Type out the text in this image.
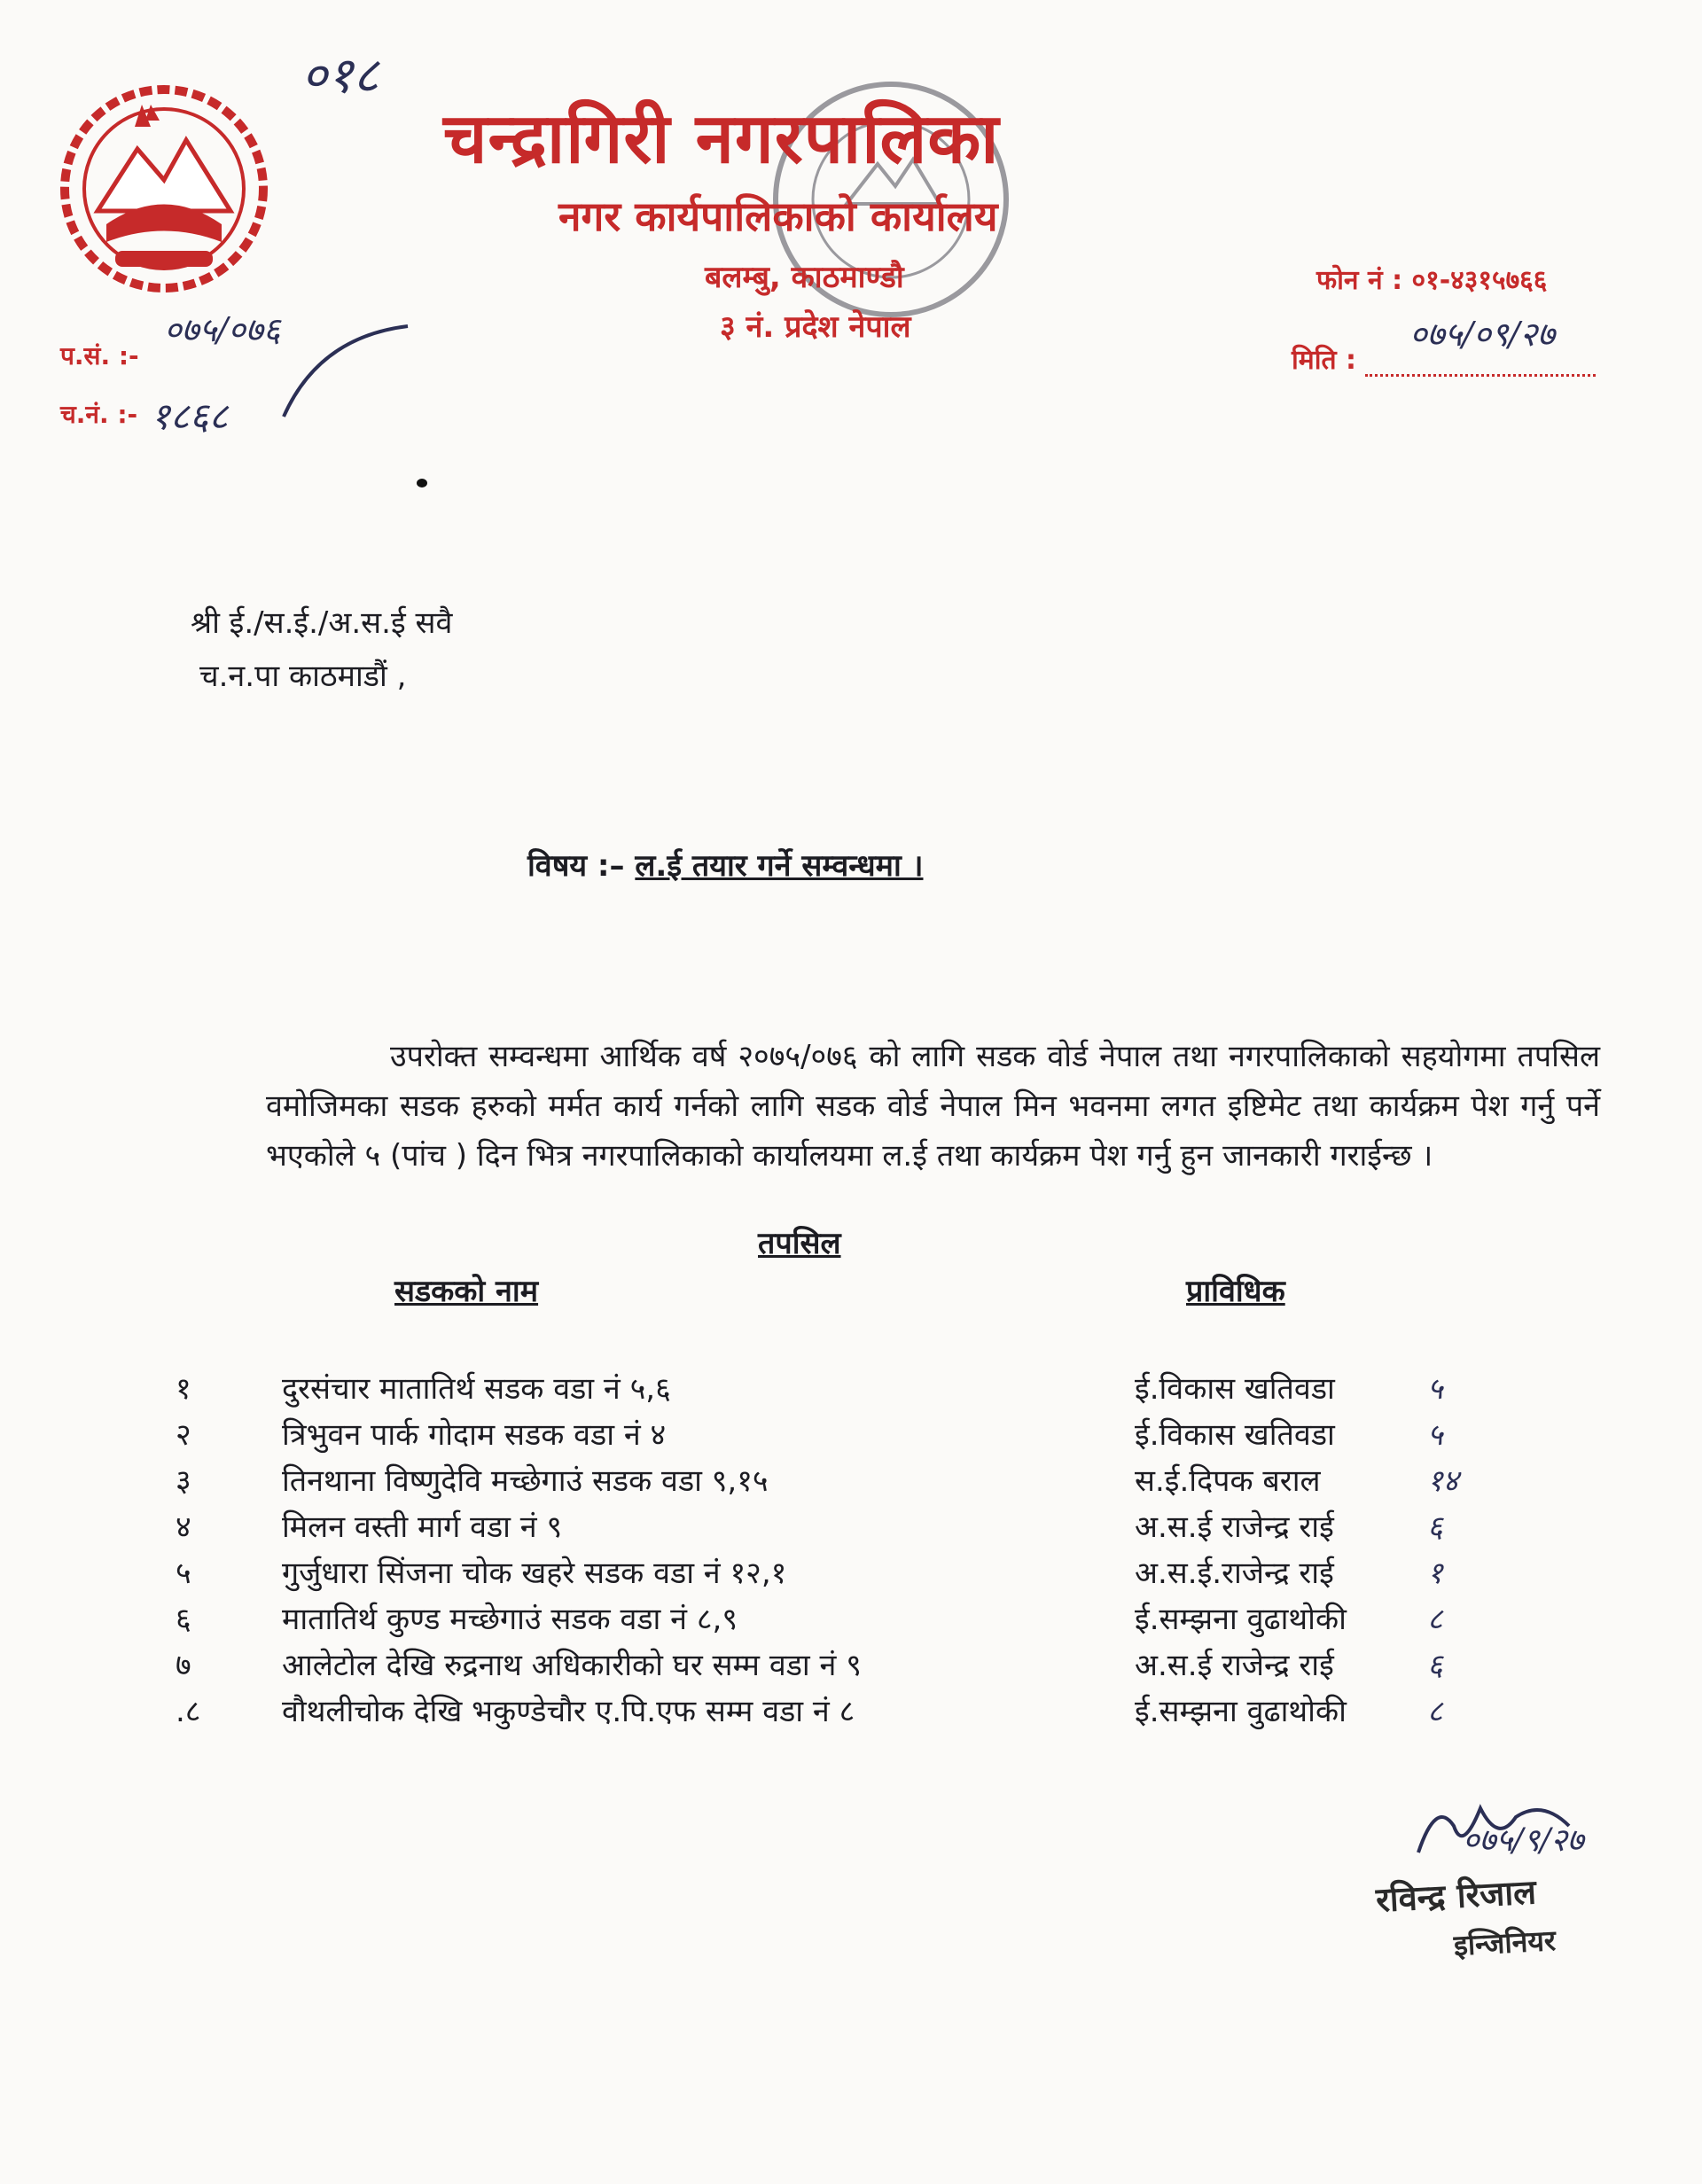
०१८
चन्द्रागिरी नगरपालिका
नगर कार्यपालिकाको कार्यालय
बलम्बु, काठमाण्डौ
३ नं. प्रदेश नेपाल
फोन नं : ०१-४३१५७६६
०७५/०९/२७
मिति :
०७५/०७६
प.सं. :-
च.नं. :- १८६८
श्री ई./स.ई./अ.स.ई सवै
च.न.पा काठमाडौं ,
विषय :– ल.ई तयार गर्ने सम्वन्धमा ।

उपरोक्त सम्वन्धमा आर्थिक वर्ष २०७५/०७६ को लागि सडक वोर्ड नेपाल तथा नगरपालिकाको सहयोगमा तपसिल वमोजिमका सडक हरुको मर्मत कार्य गर्नको लागि सडक वोर्ड नेपाल मिन भवनमा लगत इष्टिमेट तथा कार्यक्रम पेश गर्नु पर्ने भएकोले ५ (पांच ) दिन भित्र नगरपालिकाको कार्यालयमा ल.ई तथा कार्यक्रम पेश गर्नु हुन जानकारी गराईन्छ ।

तपसिल
सडकको नाम	प्राविधिक
१	दुरसंचार मातातिर्थ सडक वडा नं ५,६	ई.विकास खतिवडा	५
२	त्रिभुवन पार्क गोदाम सडक वडा नं ४	ई.विकास खतिवडा	५
३	तिनथाना विष्णुदेवि मच्छेगाउं सडक वडा ९,१५	स.ई.दिपक बराल	१४
४	मिलन वस्ती मार्ग वडा नं ९	अ.स.ई राजेन्द्र राई	६
५	गुर्जुधारा सिंजना चोक खहरे सडक वडा नं १२,१	अ.स.ई.राजेन्द्र राई	१
६	मातातिर्थ कुण्ड मच्छेगाउं सडक वडा नं ८,९	ई.सम्झना वुढाथोकी	८
७	आलेटोल देखि रुद्रनाथ अधिकारीको घर सम्म वडा नं ९	अ.स.ई राजेन्द्र राई	६
.८	वौथलीचोक देखि भकुण्डेचौर ए.पि.एफ सम्म वडा नं ८	ई.सम्झना वुढाथोकी	८
०७५/९/२७
रविन्द्र रिजाल
इन्जिनियर
